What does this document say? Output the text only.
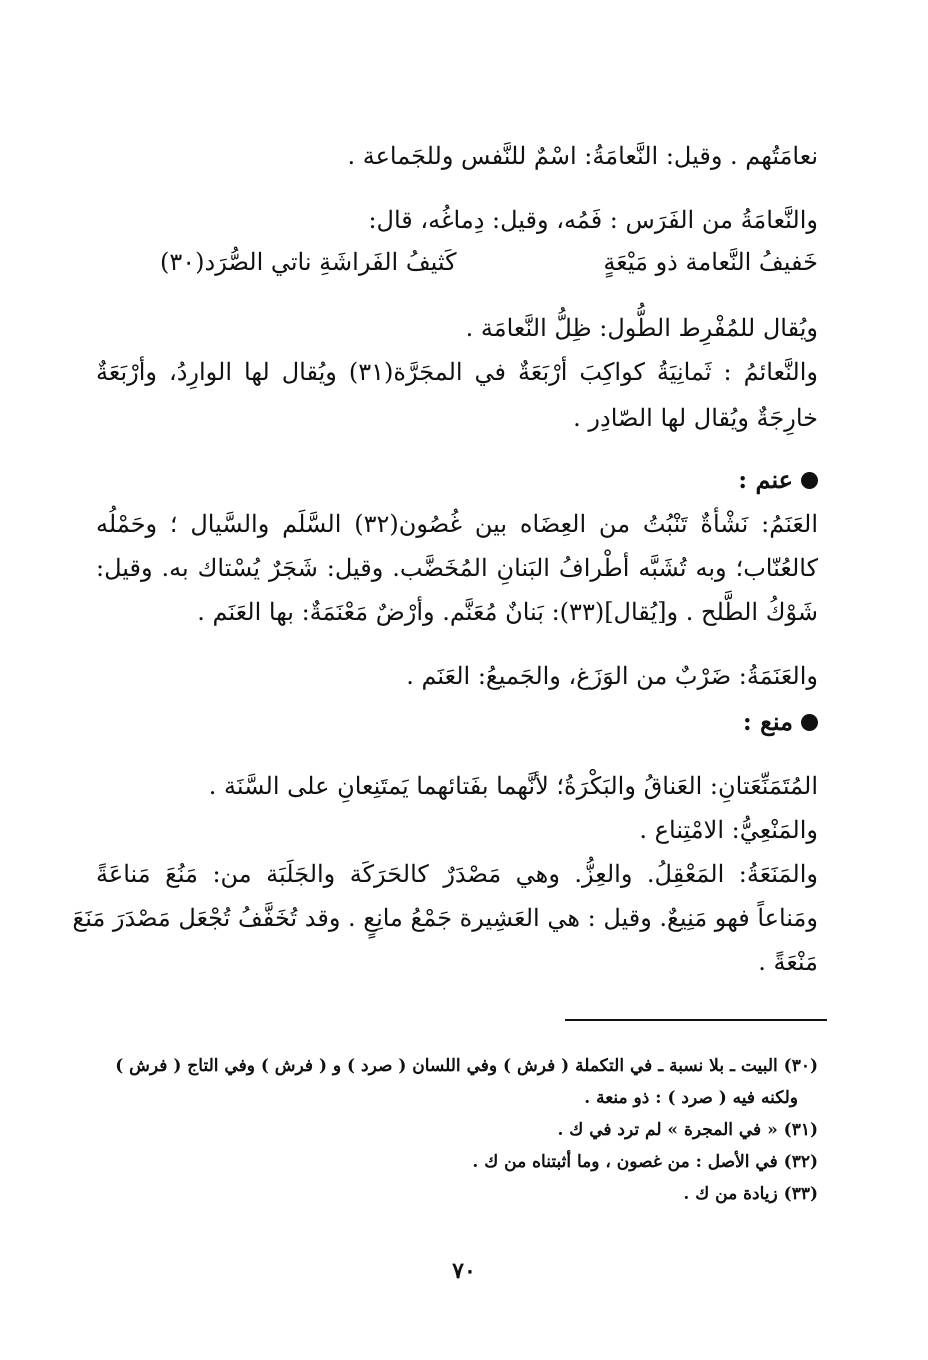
نعامَتُهم . وقيل: النَّعامَةُ: اسْمٌ للنَّفس وللجَماعة .
والنَّعامَةُ من الفَرَس : فَمُه، وقيل: دِماغُه، قال:
خَفيفُ النَّعامة ذو مَيْعَةٍ
كَثيفُ الفَراشَةِ ناتي الصُّرَد(٣٠)
ويُقال للمُفْرِط الطُّول: ظِلُّ النَّعامَة .
والنَّعائمُ : ثَمانِيَةُ كواكِبَ أرْبَعَةٌ في المجَرَّة(٣١) ويُقال لها الوارِدُ، وأرْبَعَةٌ
خارِجَةٌ ويُقال لها الصّادِر .
عنم :
العَنَمُ: نَشْأةٌ تَنْبُتُ من العِضَاه بين غُصُون(٣٢) السَّلَم والسَّيال ؛ وحَمْلُه
كالعُنّاب؛ وبه تُشَبَّه أطْرافُ البَنانِ المُخَضَّب. وقيل: شَجَرٌ يُسْتاك به. وقيل:
شَوْكُ الطَّلح . و[يُقال](٣٣): بَنانٌ مُعَنَّم. وأرْضٌ مَعْنَمَةٌ: بها العَنَم .
والعَنَمَةُ: ضَرْبٌ من الوَزَغ، والجَميعُ: العَنَم .
منع :
المُتَمَنِّعَتانِ: العَناقُ والبَكْرَةُ؛ لأنَّهما بفَتائهما يَمتَنِعانِ على السَّنَة .
والمَنْعِيُّ: الامْتِناع .
والمَنَعَةُ: المَعْقِلُ. والعِزُّ. وهي مَصْدَرٌ كالحَرَكَة والجَلَبَة من: مَنُعَ مَناعَةً
ومَناعاً فهو مَنِيعٌ. وقيل : هي العَشِيرة جَمْعُ مانِعٍ . وقد تُخَفَّفُ تُجْعَل مَصْدَرَ مَنَعَ
مَنْعَةً .
(٣٠) البيت ـ بلا نسبة ـ في التكملة ( فرش ) وفي اللسان ( صرد ) و ( فرش ) وفي التاج ( فرش )
ولكنه فيه ( صرد ) : ذو منعة .
(٣١) « في المجرة » لم ترد في ك .
(٣٢) في الأصل : من غصون ، وما أثبتناه من ك .
(٣٣) زيادة من ك .
٧٠
